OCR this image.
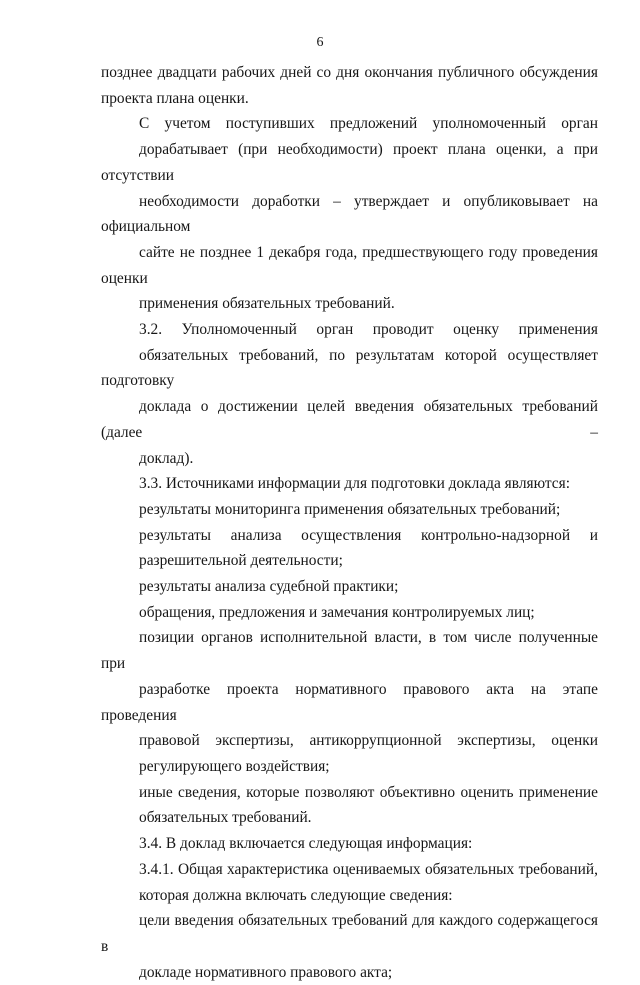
6
позднее двадцати рабочих дней со дня окончания публичного обсуждения
проекта плана оценки.
С учетом поступивших предложений уполномоченный орган
дорабатывает (при необходимости) проект плана оценки, а при отсутствии
необходимости доработки – утверждает и опубликовывает на официальном
сайте не позднее 1 декабря года, предшествующего году проведения оценки
применения обязательных требований.
3.2. Уполномоченный орган проводит оценку применения
обязательных требований, по результатам которой осуществляет подготовку
доклада о достижении целей введения обязательных требований (далее –
доклад).
3.3. Источниками информации для подготовки доклада являются:
результаты мониторинга применения обязательных требований;
результаты анализа осуществления контрольно-надзорной и
разрешительной деятельности;
результаты анализа судебной практики;
обращения, предложения и замечания контролируемых лиц;
позиции органов исполнительной власти, в том числе полученные при
разработке проекта нормативного правового акта на этапе проведения
правовой экспертизы, антикоррупционной экспертизы, оценки
регулирующего воздействия;
иные сведения, которые позволяют объективно оценить применение
обязательных требований.
3.4. В доклад включается следующая информация:
3.4.1. Общая характеристика оцениваемых обязательных требований,
которая должна включать следующие сведения:
цели введения обязательных требований для каждого содержащегося в
докладе нормативного правового акта;
